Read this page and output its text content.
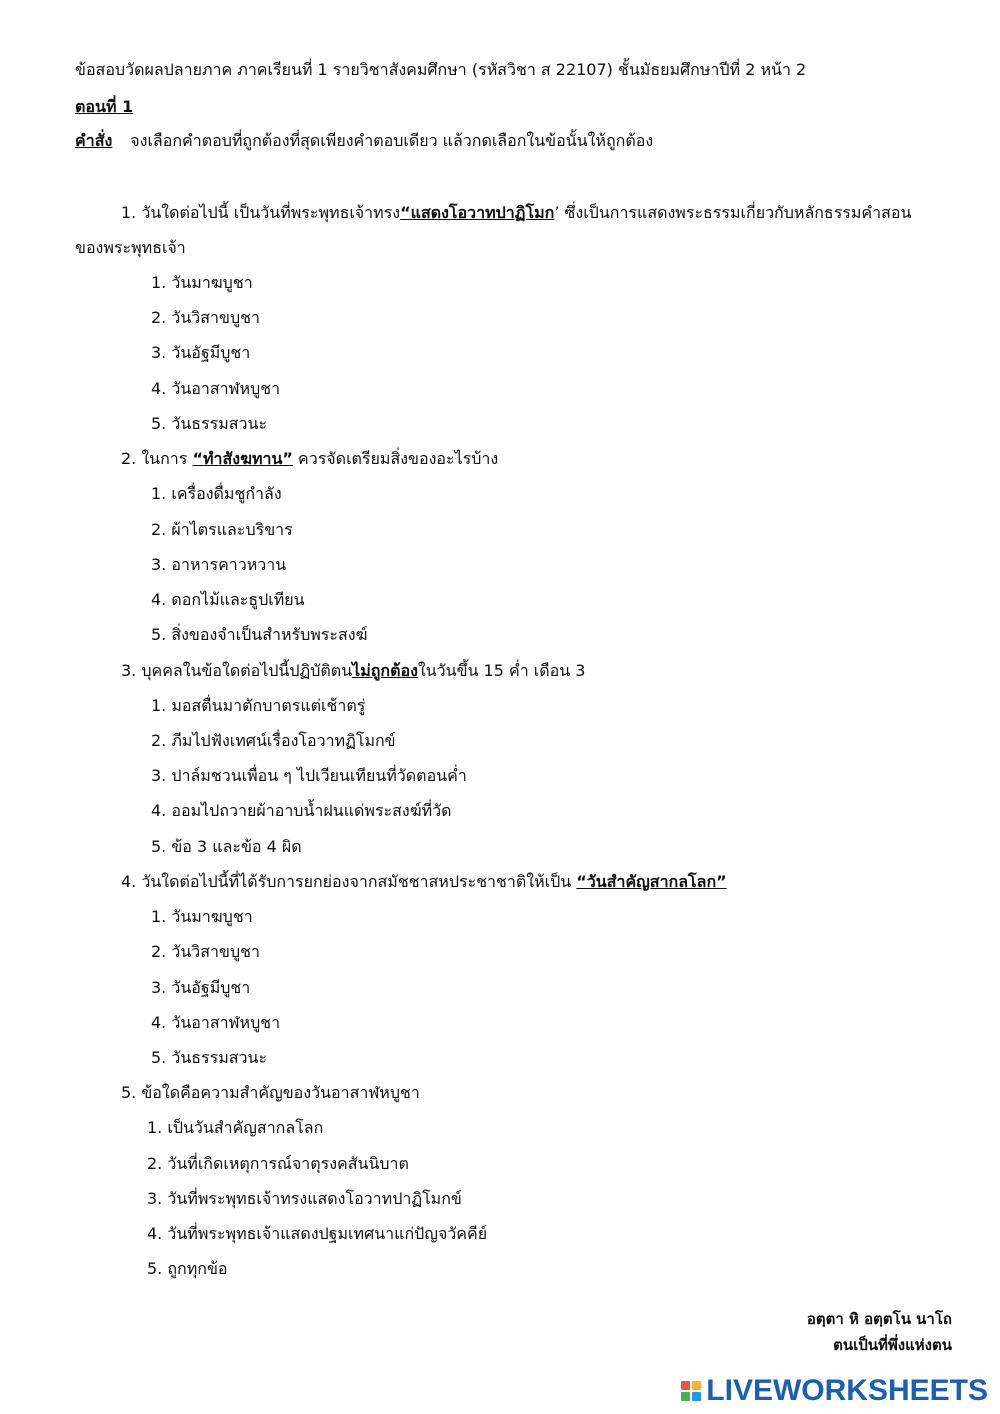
ข้อสอบวัดผลปลายภาค ภาคเรียนที่ 1 รายวิชาสังคมศึกษา (รหัสวิชา ส 22107) ชั้นมัธยมศึกษาปีที่ 2 หน้า 2
ตอนที่ 1
คำสั่ง จงเลือกคำตอบที่ถูกต้องที่สุดเพียงคำตอบเดียว แล้วกดเลือกในข้อนั้นให้ถูกต้อง
1. วันใดต่อไปนี้ เป็นวันที่พระพุทธเจ้าทรง“แสดงโอวาทปาฏิโมก’ ซึ่งเป็นการแสดงพระธรรมเกี่ยวกับหลักธรรมคำสอน
ของพระพุทธเจ้า
1. วันมาฆบูชา
2. วันวิสาขบูชา
3. วันอัฐมีบูชา
4. วันอาสาฬหบูชา
5. วันธรรมสวนะ
2. ในการ “ทำสังฆทาน” ควรจัดเตรียมสิ่งของอะไรบ้าง
1. เครื่องดื่มชูกำลัง
2. ผ้าไตรและบริขาร
3. อาหารคาวหวาน
4. ดอกไม้และธูปเทียน
5. สิ่งของจำเป็นสำหรับพระสงฆ์
3. บุคคลในข้อใดต่อไปนี้ปฏิบัติตนไม่ถูกต้องในวันขึ้น 15 ค่ำ เดือน 3
1. มอสตื่นมาตักบาตรแต่เช้าตรู่
2. ภีมไปฟังเทศน์เรื่องโอวาทฏิโมกข์
3. ปาล์มชวนเพื่อน ๆ ไปเวียนเทียนที่วัดตอนค่ำ
4. ออมไปถวายผ้าอาบน้ำฝนแด่พระสงฆ์ที่วัด
5. ข้อ 3 และข้อ 4 ผิด
4. วันใดต่อไปนี้ที่ได้รับการยกย่องจากสมัชชาสหประชาชาติให้เป็น “วันสำคัญสากลโลก”
1. วันมาฆบูชา
2. วันวิสาขบูชา
3. วันอัฐมีบูชา
4. วันอาสาฬหบูชา
5. วันธรรมสวนะ
5. ข้อใดคือความสำคัญของวันอาสาฬหบูชา
1. เป็นวันสำคัญสากลโลก
2. วันที่เกิดเหตุการณ์จาตุรงคสันนิบาต
3. วันที่พระพุทธเจ้าทรงแสดงโอวาทปาฏิโมกข์
4. วันที่พระพุทธเจ้าแสดงปฐมเทศนาแก่ปัญจวัคคีย์
5. ถูกทุกข้อ
อตฺตา หิ อตฺตโน นาโถ
ตนเป็นที่พึ่งแห่งตน
LIVEWORKSHEETS
